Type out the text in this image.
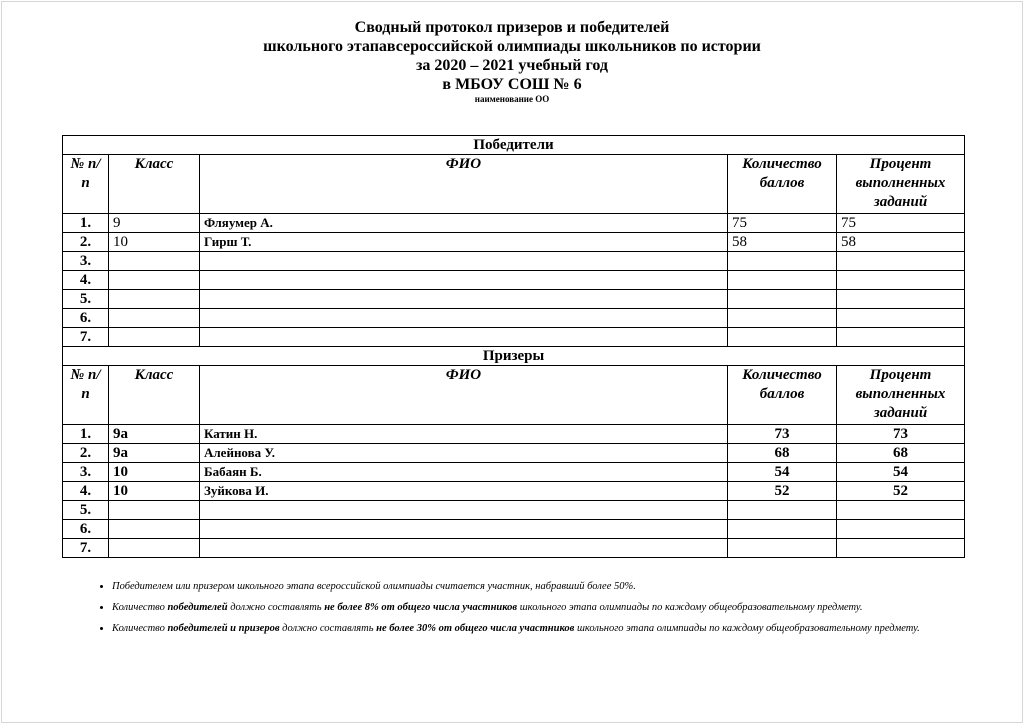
Сводный протокол призеров и победителей
школьного этапавсероссийской олимпиады школьников по истории
за 2020 – 2021 учебный год
в МБОУ СОШ № 6
наименование ОО
Победители				
№ п/п	Класс	ФИО	Количество баллов	Процент выполненных заданий
1.	9	Фляумер А.	75	75
2.	10	Гирш Т.	58	58
3.				
4.				
5.				
6.				
7.				
Призеры				
№ п/п	Класс	ФИО	Количество баллов	Процент выполненных заданий
1.	9а	Катин Н.	73	73
2.	9а	Алейнова У.	68	68
3.	10	Бабаян Б.	54	54
4.	10	Зуйкова И.	52	52
5.				
6.				
7.				
• Победителем или призером школьного этапа всероссийской олимпиады считается участник, набравший более 50%.
• Количество победителей должно составлять не более 8% от общего числа участников школьного этапа олимпиады по каждому общеобразовательному предмету.
• Количество победителей и призеров должно составлять не более 30% от общего числа участников школьного этапа олимпиады по каждому общеобразовательному предмету.
